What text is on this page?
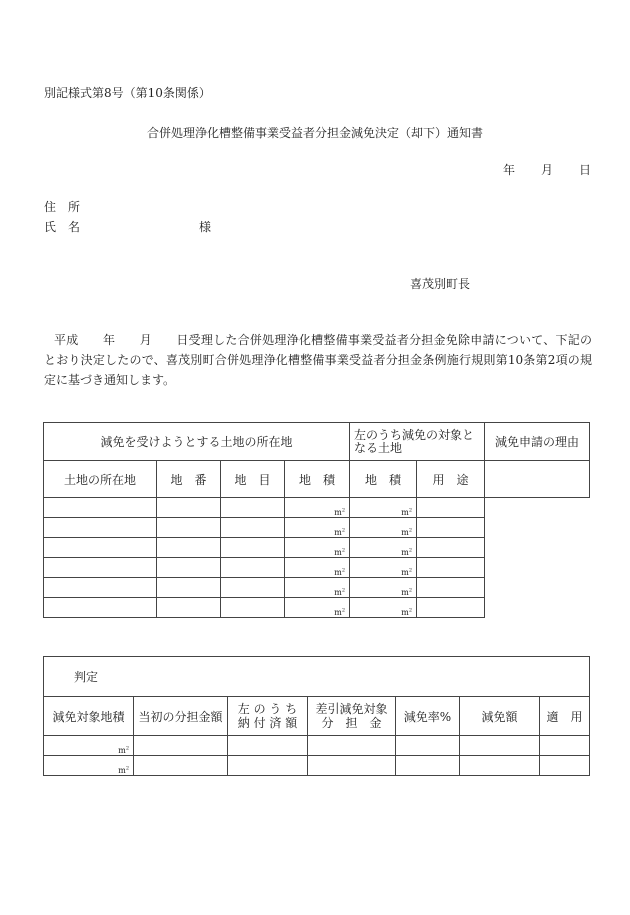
別記様式第8号（第10条関係）
合併処理浄化槽整備事業受益者分担金減免決定（却下）通知書
年 月 日
住　所
氏　名	様
喜茂別町長
平成　　年　　月　　日受理した合併処理浄化槽整備事業受益者分担金免除申請について、下記のとおり決定したので、喜茂別町合併処理浄化槽整備事業受益者分担金条例施行規則第10条第2項の規定に基づき通知します。
減免を受けようとする土地の所在地				左のうち減免の対象となる土地		減免申請の理由
土地の所在地	地　番	地　目	地　積	地　積	用　途	
			$m^2$	$m^2$	
			$m^2$	$m^2$	
			$m^2$	$m^2$	
			$m^2$	$m^2$	
			$m^2$	$m^2$	
			$m^2$	$m^2$	
判定						
減免対象地積	当初の分担金額	左 の う ち 納 付 済 額	差引減免対象 分　担　金	減免率%	減免額	適　用
$m^2$						
$m^2$						
